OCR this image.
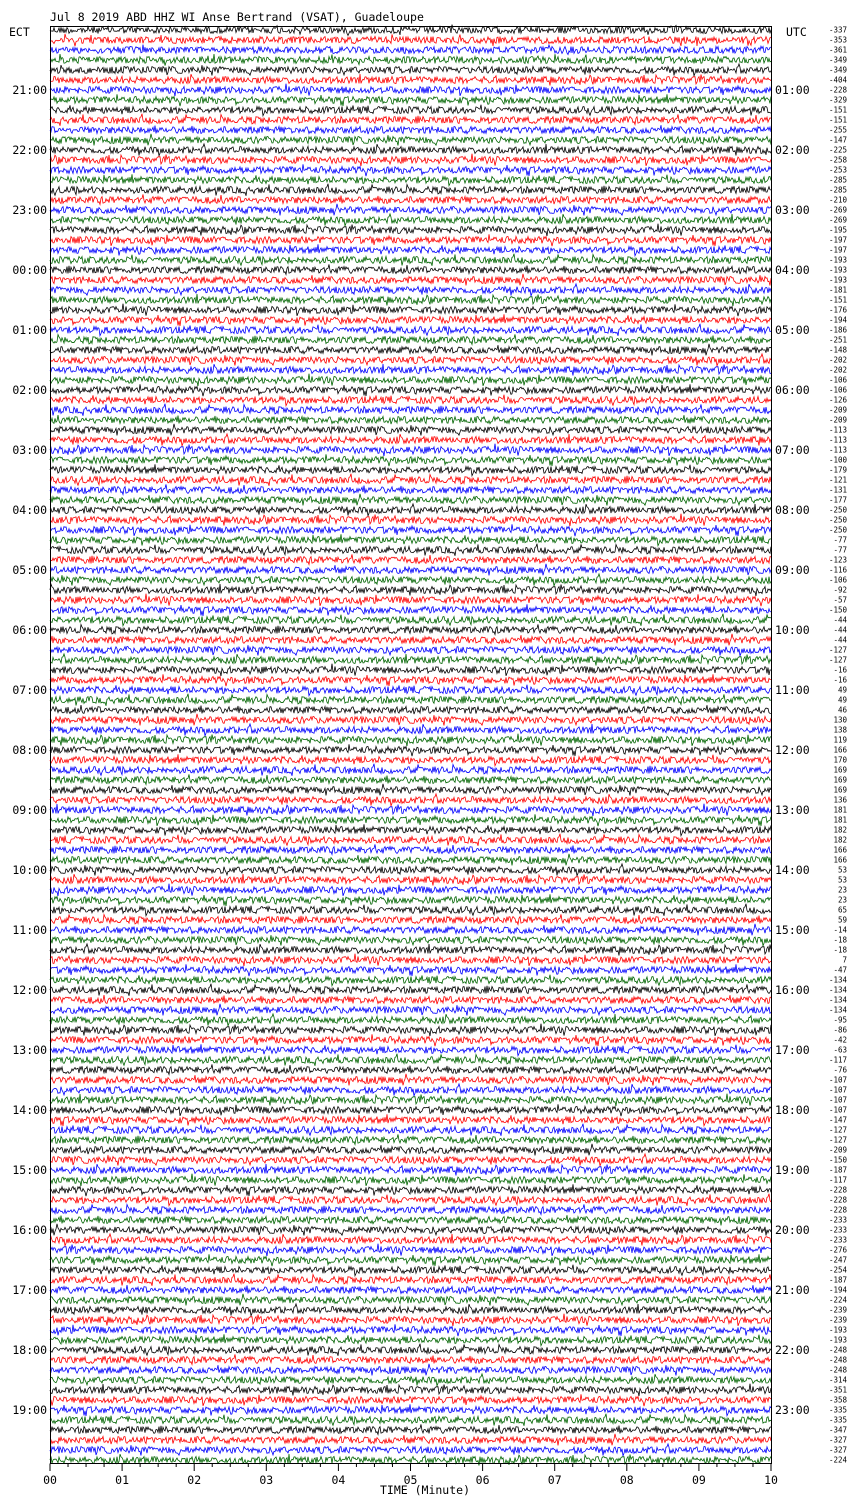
Jul 8 2019 ABD HHZ WI Anse Bertrand (VSAT), Guadeloupe
ECT	UTC
21:00
22:00
23:00
00:00
01:00
02:00
03:00
04:00
05:00
06:00
07:00
08:00
09:00
10:00
11:00
12:00
13:00
14:00
15:00
16:00
17:00
18:00
19:00
01:00
02:00
03:00
04:00
05:00
06:00
07:00
08:00
09:00
10:00
11:00
12:00
13:00
14:00
15:00
16:00
17:00
18:00
19:00
20:00
21:00
22:00
23:00
-337
-353
-361
-349
-349
-404
-228
-329
-151
-151
-255
-147
-225
-258
-253
-285
-285
-210
-269
-269
-195
-197
-197
-193
-193
-193
-181
-151
-176
-194
-186
-251
-148
-202
-202
-106
-106
-126
-209
-209
-113
-113
-113
-100
-179
-121
-131
-177
-250
-250
-250
-77
-77
-123
-116
-106
-92
-57
-150
-44
-44
-44
-127
-127
-16
-16
49
49
46
130
138
119
166
170
169
169
169
136
181
181
182
182
166
166
53
53
23
23
65
59
-14
-18
-18
7
-47
-134
-134
-134
-134
-95
-86
-42
-63
-117
-76
-107
-107
-107
-107
-147
-127
-127
-209
-150
-187
-117
-228
-228
-228
-233
-233
-233
-276
-247
-254
-187
-194
-224
-239
-239
-193
-193
-248
-248
-248
-314
-351
-358
-335
-335
-347
-327
-327
-224
00	01	02	03	04	05	06	07	08	09	10
TIME (Minute)
